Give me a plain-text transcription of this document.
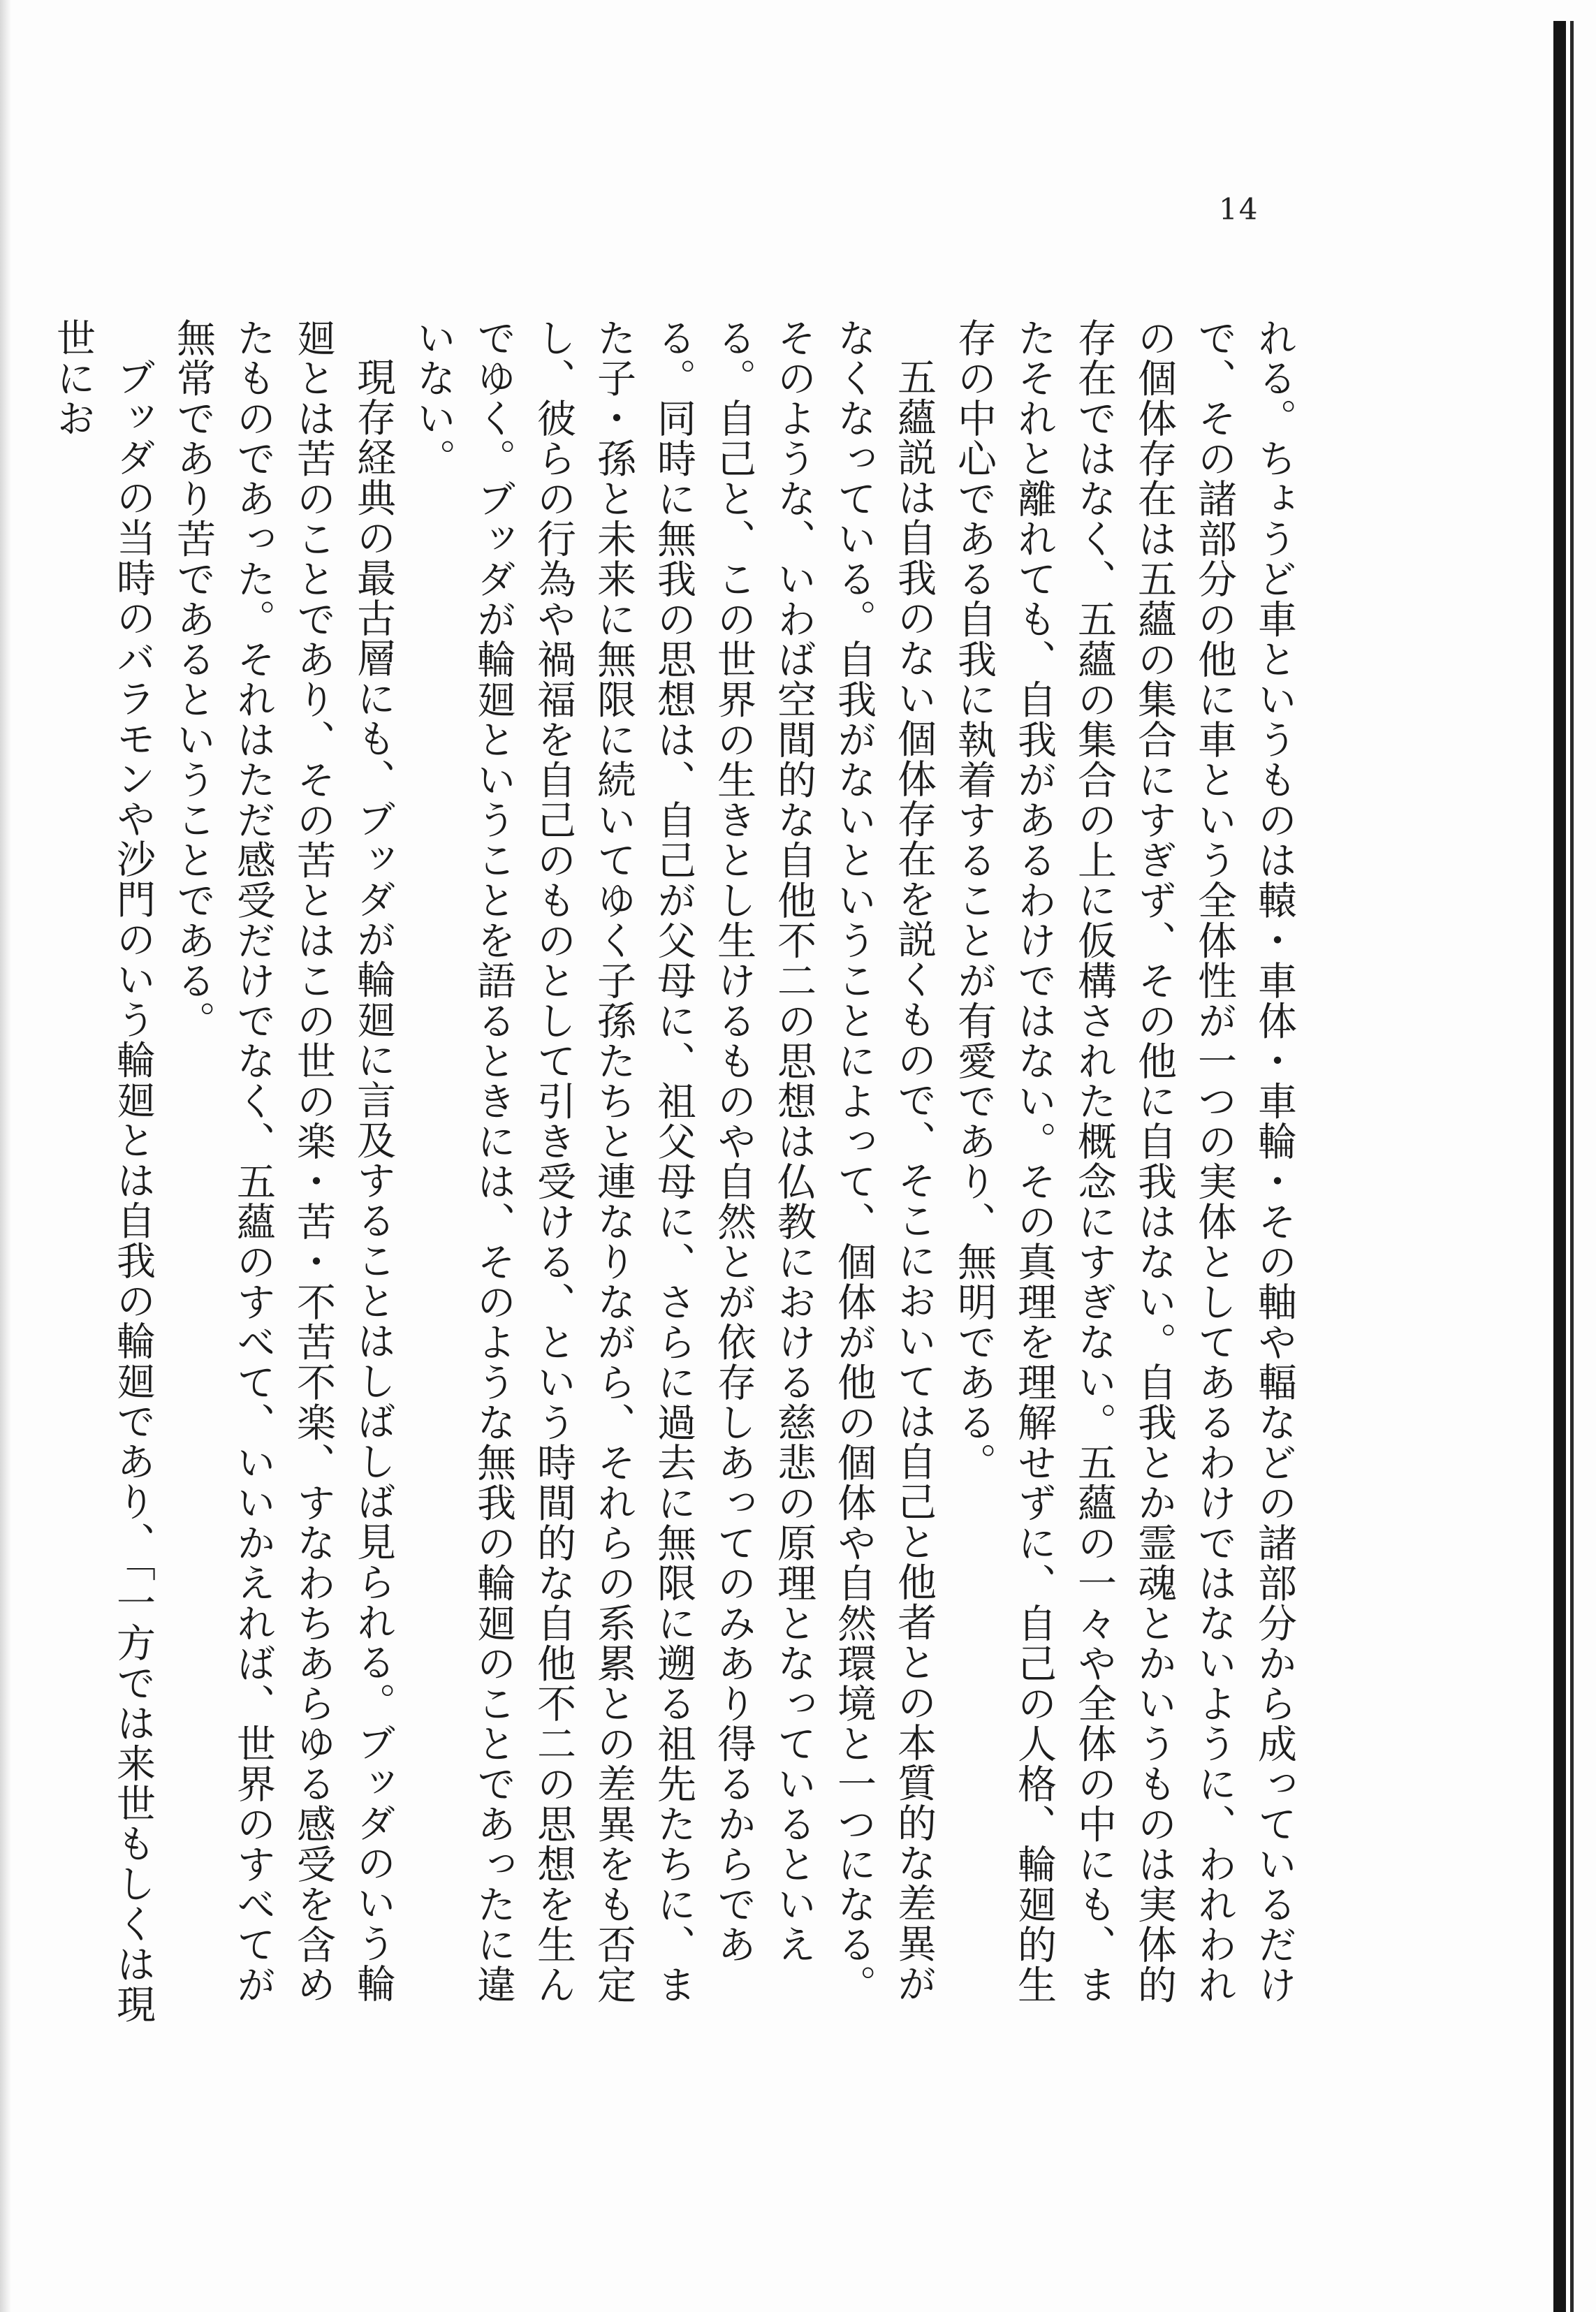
14

れる。ちょうど車というものは轅・車体・車輪・その軸や輻などの諸部分から成っているだけで、その諸部分の他に車という全体性が一つの実体としてあるわけではないように、われわれの個体存在は五蘊の集合にすぎず、その他に自我はない。自我とか霊魂とかいうものは実体的存在ではなく、五蘊の集合の上に仮構された概念にすぎない。五蘊の一々や全体の中にも、またそれと離れても、自我があるわけではない。その真理を理解せずに、自己の人格、輪廻的生存の中心である自我に執着することが有愛であり、無明である。

五蘊説は自我のない個体存在を説くもので、そこにおいては自己と他者との本質的な差異がなくなっている。自我がないということによって、個体が他の個体や自然環境と一つになる。そのような、いわば空間的な自他不二の思想は仏教における慈悲の原理となっているといえる。自己と、この世界の生きとし生けるものや自然とが依存しあってのみあり得るからである。同時に無我の思想は、自己が父母に、祖父母に、さらに過去に無限に遡る祖先たちに、また子・孫と未来に無限に続いてゆく子孫たちと連なりながら、それらの系累との差異をも否定し、彼らの行為や禍福を自己のものとして引き受ける、という時間的な自他不二の思想を生んでゆく。ブッダが輪廻ということを語るときには、そのような無我の輪廻のことであったに違いない。

現存経典の最古層にも、ブッダが輪廻に言及することはしばしば見られる。ブッダのいう輪廻とは苦のことであり、その苦とはこの世の楽・苦・不苦不楽、すなわちあらゆる感受を含めたものであった。それはただ感受だけでなく、五蘊のすべて、いいかえれば、世界のすべてが無常であり苦であるということである。

ブッダの当時のバラモンや沙門のいう輪廻とは自我の輪廻であり、「一方では来世もしくは現世にお
